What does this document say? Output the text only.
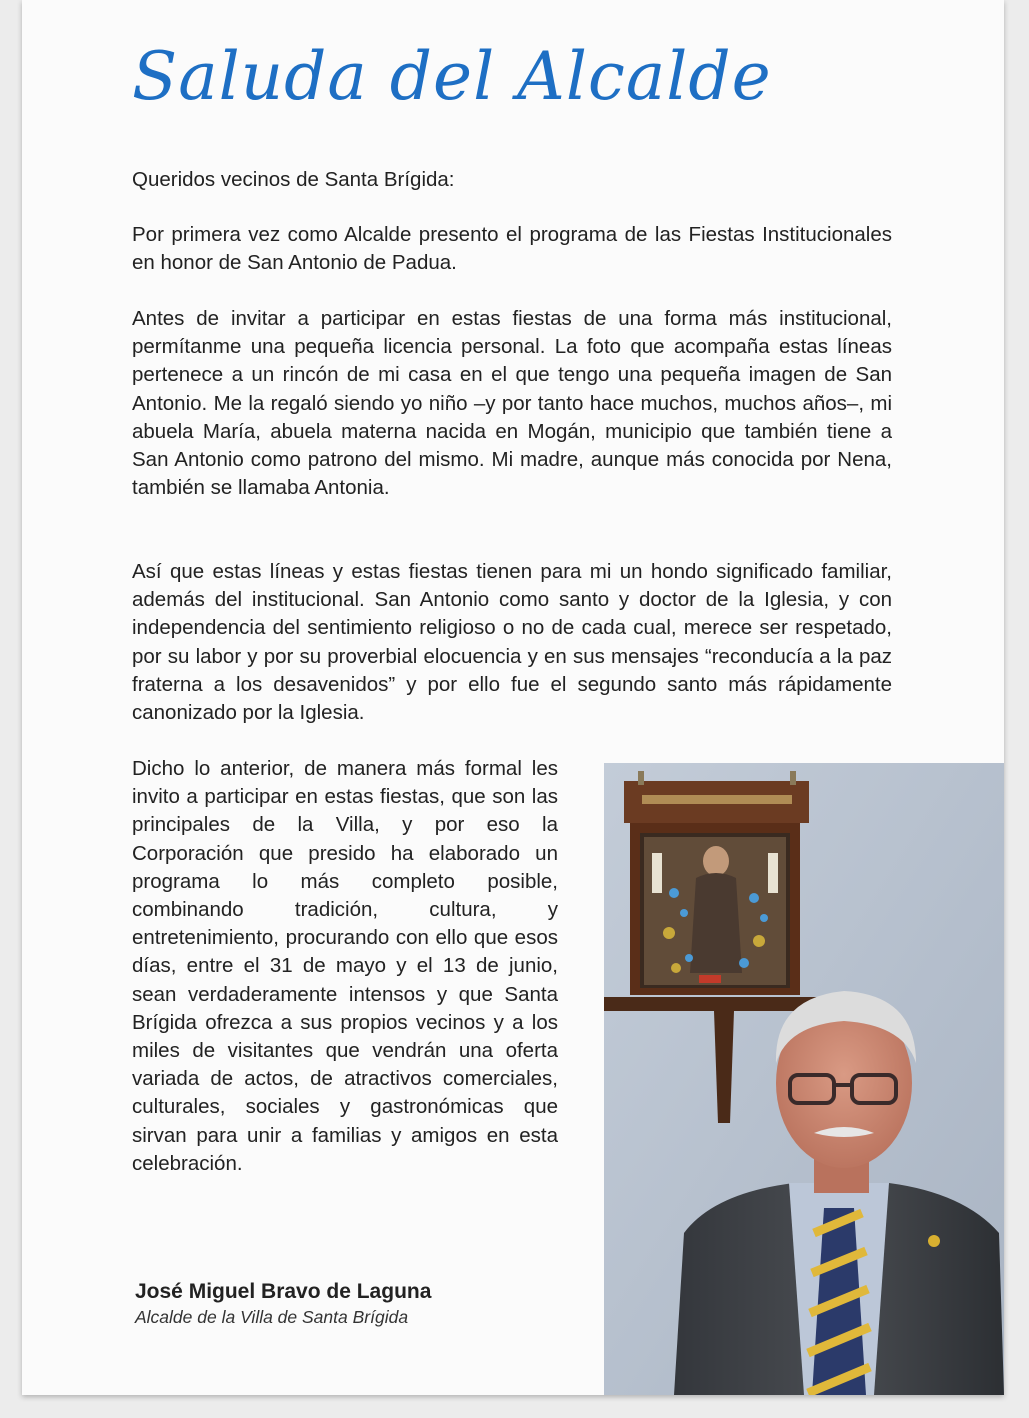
Saluda del Alcalde

Queridos vecinos de Santa Brígida:

Por primera vez como Alcalde presento el programa de las Fiestas Institucionales en honor de San Antonio de Padua.

Antes de invitar a participar en estas fiestas de una forma más institucional, permítanme una pequeña licencia personal. La foto que acompaña estas líneas pertenece a un rincón de mi casa en el que tengo una pequeña imagen de San Antonio. Me la regaló siendo yo niño –y por tanto hace muchos, muchos años–, mi abuela María, abuela materna nacida en Mogán, municipio que también tiene a San Antonio como patrono del mismo. Mi madre, aunque más conocida por Nena, también se llamaba Antonia.

Así que estas líneas y estas fiestas tienen para mi un hondo significado familiar, además del institucional. San Antonio como santo y doctor de la Iglesia, y con independencia del sentimiento religioso o no de cada cual, merece ser respetado, por su labor y por su proverbial elocuencia y en sus mensajes “reconducía a la paz fraterna a los desavenidos” y por ello fue el segundo santo más rápidamente canonizado por la Iglesia.

Dicho lo anterior, de manera más formal les invito a participar en estas fiestas, que son las principales de la Villa, y por eso la Corporación que presido ha elaborado un programa lo más completo posible, combinando tradición, cultura, y entretenimiento, procurando con ello que esos días, entre el 31 de mayo y el 13 de junio, sean verdaderamente intensos y que Santa Brígida ofrezca a sus propios vecinos y a los miles de visitantes que vendrán una oferta variada de actos, de atractivos comerciales, culturales, sociales y gastronómicas que sirvan para unir a familias y amigos en esta celebración.

José Miguel Bravo de Laguna
Alcalde de la Villa de Santa Brígida
